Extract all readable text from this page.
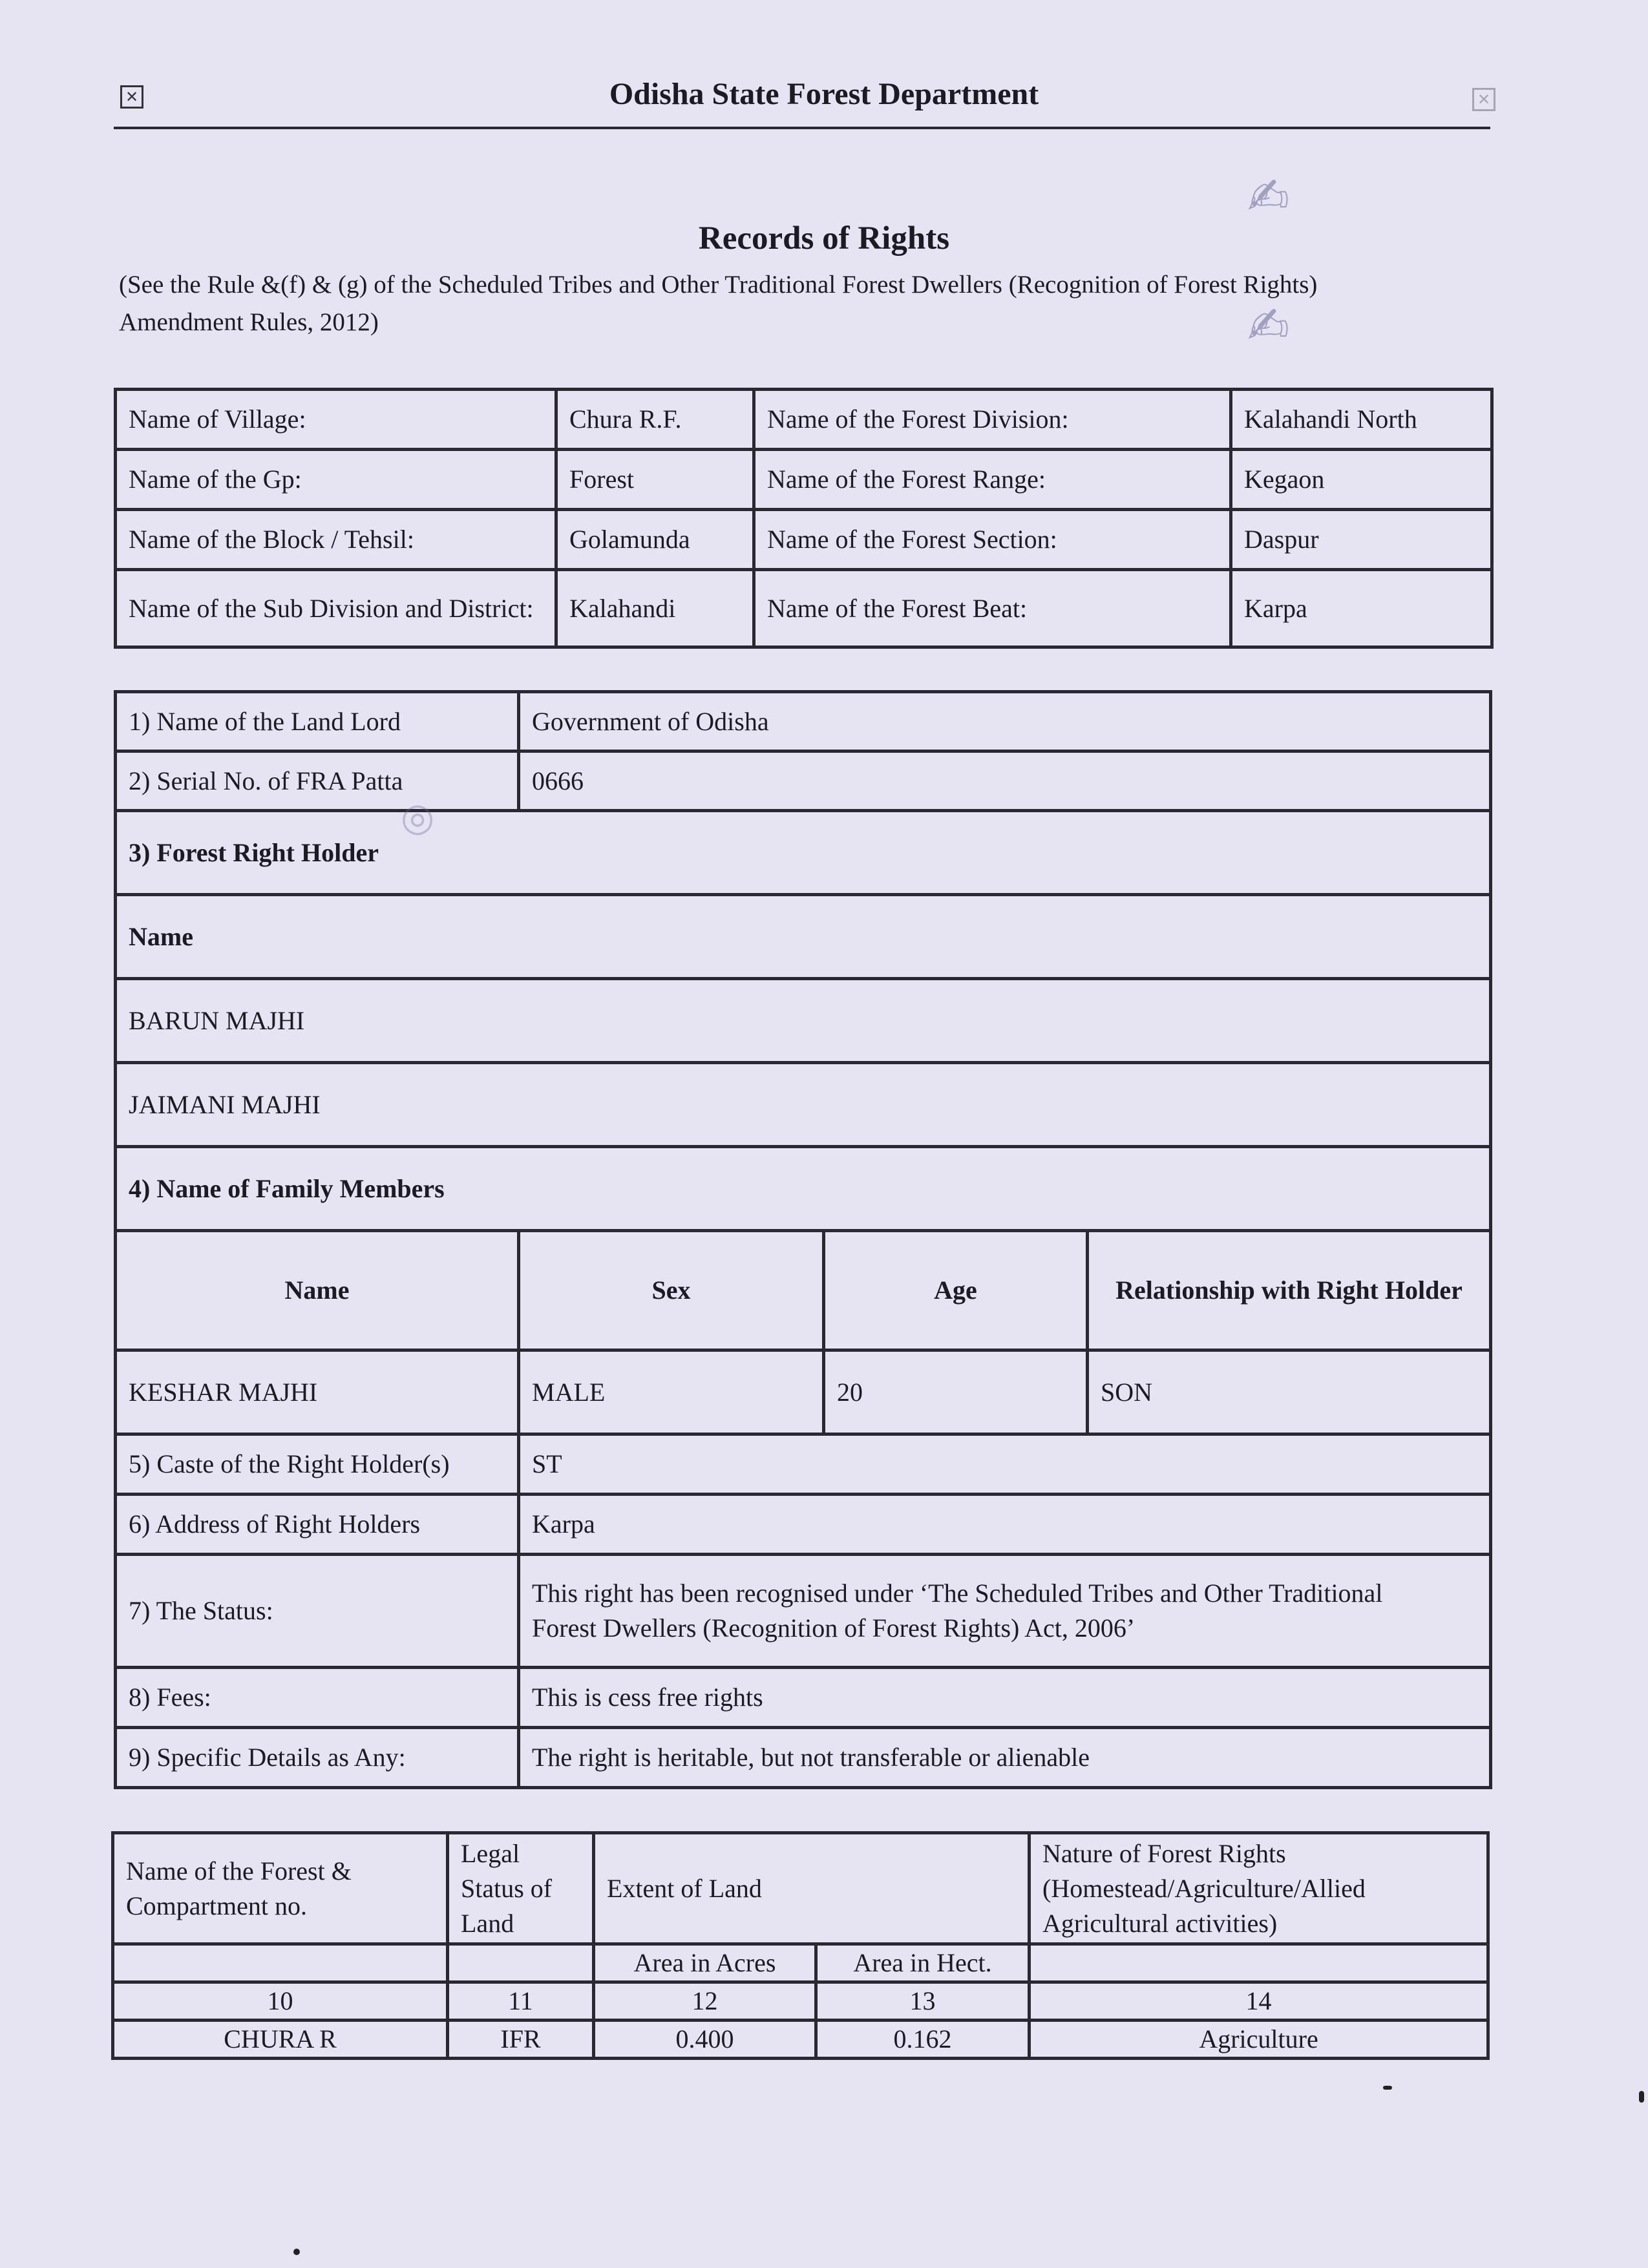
✕	✕
Odisha State Forest Department
Records of Rights
(See the Rule &(f) & (g) of the Scheduled Tribes and Other Traditional Forest Dwellers (Recognition of Forest Rights) Amendment Rules, 2012)
Name of Village:	Chura R.F.	Name of the Forest Division:	Kalahandi North
Name of the Gp:	Forest	Name of the Forest Range:	Kegaon
Name of the Block / Tehsil:	Golamunda	Name of the Forest Section:	Daspur
Name of the Sub Division and District:	Kalahandi	Name of the Forest Beat:	Karpa
1) Name of the Land Lord	Government of Odisha		
2) Serial No. of FRA Patta	0666		
3) Forest Right Holder			
Name			
BARUN MAJHI			
JAIMANI MAJHI			
4) Name of Family Members			
Name	Sex	Age	Relationship with Right Holder
KESHAR MAJHI	MALE	20	SON
5) Caste of the Right Holder(s)	ST		
6) Address of Right Holders	Karpa		
7) The Status:	This right has been recognised under ‘The Scheduled Tribes and Other Traditional
Forest Dwellers (Recognition of Forest Rights) Act, 2006’		

8) Fees:	This is cess free rights		
9) Specific Details as Any:	The right is heritable, but not transferable or alienable		
Name of the Forest & Compartment no.	Legal Status of Land	Extent of Land		Nature of Forest Rights (Homestead/Agriculture/Allied Agricultural activities)
		Area in Acres	Area in Hect.	
10	11	12	13	14
CHURA R	IFR	0.400	0.162	Agriculture
✍
✍
◎
